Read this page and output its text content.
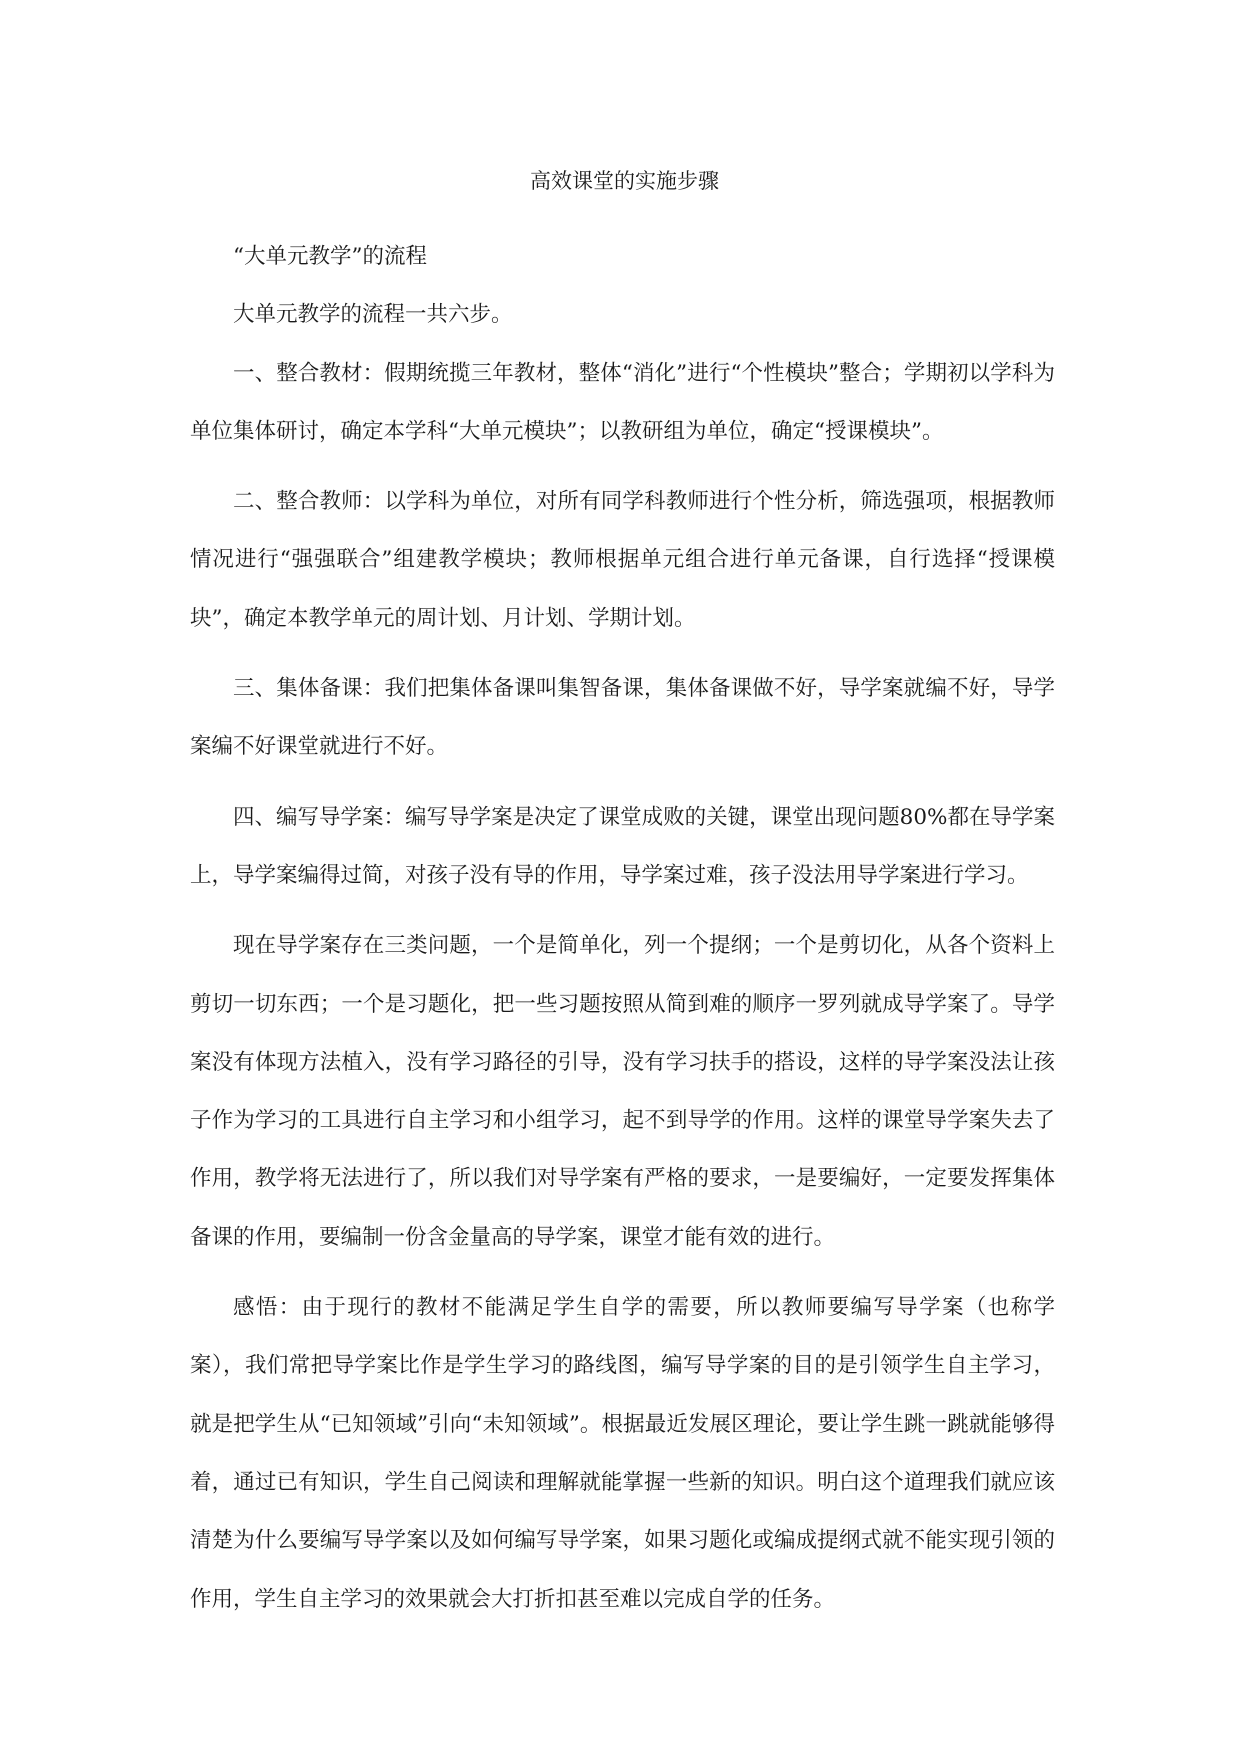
高效课堂的实施步骤

“大单元教学”的流程

大单元教学的流程一共六步。

一、整合教材：假期统揽三年教材，整体“消化”进行“个性模块”整合；学期初以学科为单位集体研讨，确定本学科“大单元模块”；以教研组为单位，确定“授课模块”。

二、整合教师：以学科为单位，对所有同学科教师进行个性分析，筛选强项，根据教师情况进行“强强联合”组建教学模块；教师根据单元组合进行单元备课，自行选择“授课模块”，确定本教学单元的周计划、月计划、学期计划。

三、集体备课：我们把集体备课叫集智备课，集体备课做不好，导学案就编不好，导学案编不好课堂就进行不好。

四、编写导学案：编写导学案是决定了课堂成败的关键，课堂出现问题80%都在导学案上，导学案编得过简，对孩子没有导的作用，导学案过难，孩子没法用导学案进行学习。

现在导学案存在三类问题，一个是简单化，列一个提纲；一个是剪切化，从各个资料上剪切一切东西；一个是习题化，把一些习题按照从简到难的顺序一罗列就成导学案了。导学案没有体现方法植入，没有学习路径的引导，没有学习扶手的搭设，这样的导学案没法让孩子作为学习的工具进行自主学习和小组学习，起不到导学的作用。这样的课堂导学案失去了作用，教学将无法进行了，所以我们对导学案有严格的要求，一是要编好，一定要发挥集体备课的作用，要编制一份含金量高的导学案，课堂才能有效的进行。

感悟：由于现行的教材不能满足学生自学的需要，所以教师要编写导学案（也称学案），我们常把导学案比作是学生学习的路线图，编写导学案的目的是引领学生自主学习，就是把学生从“已知领域”引向“未知领域”。根据最近发展区理论，要让学生跳一跳就能够得着，通过已有知识，学生自己阅读和理解就能掌握一些新的知识。明白这个道理我们就应该清楚为什么要编写导学案以及如何编写导学案，如果习题化或编成提纲式就不能实现引领的作用，学生自主学习的效果就会大打折扣甚至难以完成自学的任务。
